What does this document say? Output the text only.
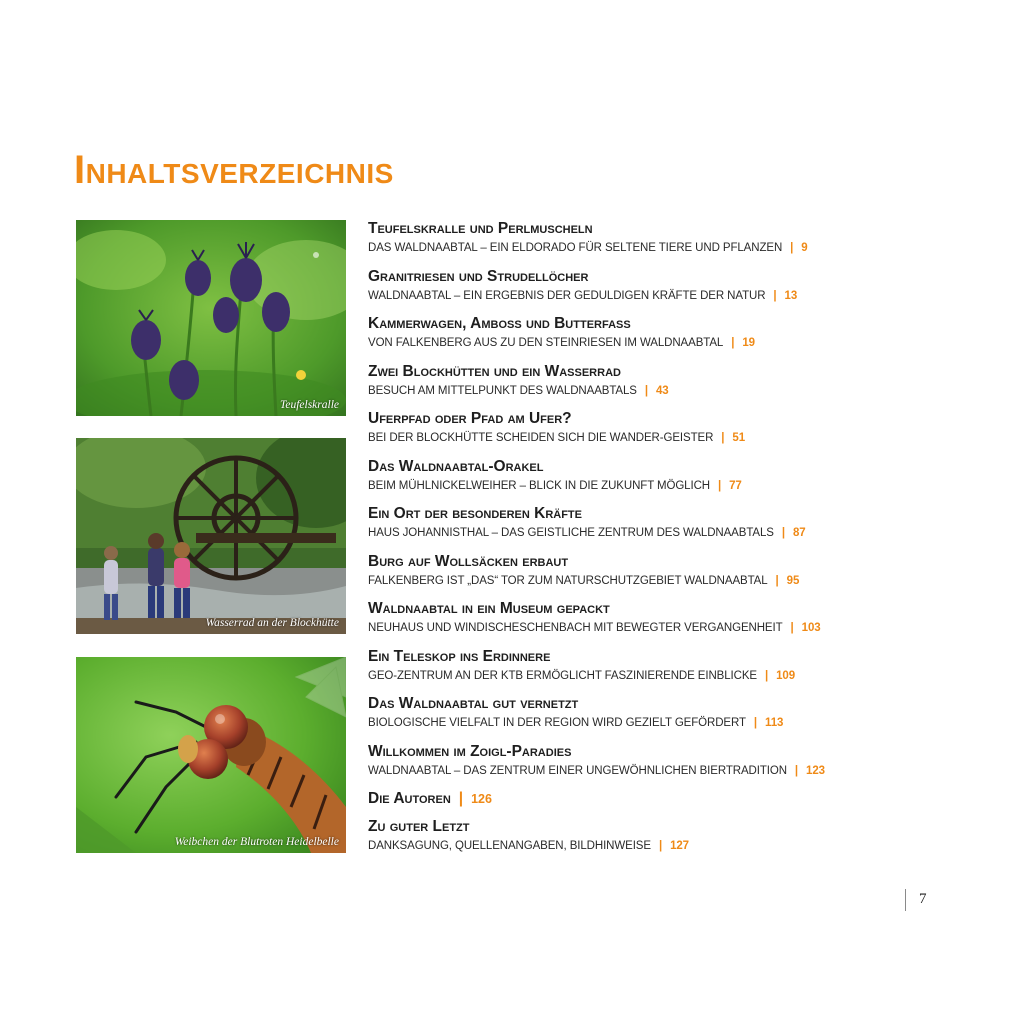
Inhaltsverzeichnis
Teufelskralle
Wasserrad an der Blockhütte
Weibchen der Blutroten Heidelbelle
Teufelskralle und Perlmuscheln
DAS WALDNAABTAL – EIN ELDORADO FÜR SELTENE TIERE UND PFLANZEN | 9
Granitriesen und Strudellöcher
WALDNAABTAL – EIN ERGEBNIS DER GEDULDIGEN KRÄFTE DER NATUR | 13
Kammerwagen, Amboss und Butterfass
VON FALKENBERG AUS ZU DEN STEINRIESEN IM WALDNAABTAL | 19
Zwei Blockhütten und ein Wasserrad
BESUCH AM MITTELPUNKT DES WALDNAABTALS | 43
Uferpfad oder Pfad am Ufer?
BEI DER BLOCKHÜTTE SCHEIDEN SICH DIE WANDER-GEISTER | 51
Das Waldnaabtal-Orakel
BEIM MÜHLNICKELWEIHER – BLICK IN DIE ZUKUNFT MÖGLICH | 77
Ein Ort der besonderen Kräfte
HAUS JOHANNISTHAL – DAS GEISTLICHE ZENTRUM DES WALDNAABTALS | 87
Burg auf Wollsäcken erbaut
FALKENBERG IST „DAS“ TOR ZUM NATURSCHUTZGEBIET WALDNAABTAL | 95
Waldnaabtal in ein Museum gepackt
NEUHAUS UND WINDISCHESCHENBACH MIT BEWEGTER VERGANGENHEIT | 103
Ein Teleskop ins Erdinnere
GEO-ZENTRUM AN DER KTB ERMÖGLICHT FASZINIERENDE EINBLICKE | 109
Das Waldnaabtal gut vernetzt
BIOLOGISCHE VIELFALT IN DER REGION WIRD GEZIELT GEFÖRDERT | 113
Willkommen im Zoigl-Paradies
WALDNAABTAL – DAS ZENTRUM EINER UNGEWÖHNLICHEN BIERTRADITION | 123
Die Autoren | 126
Zu guter Letzt
DANKSAGUNG, QUELLENANGABEN, BILDHINWEISE | 127
7
